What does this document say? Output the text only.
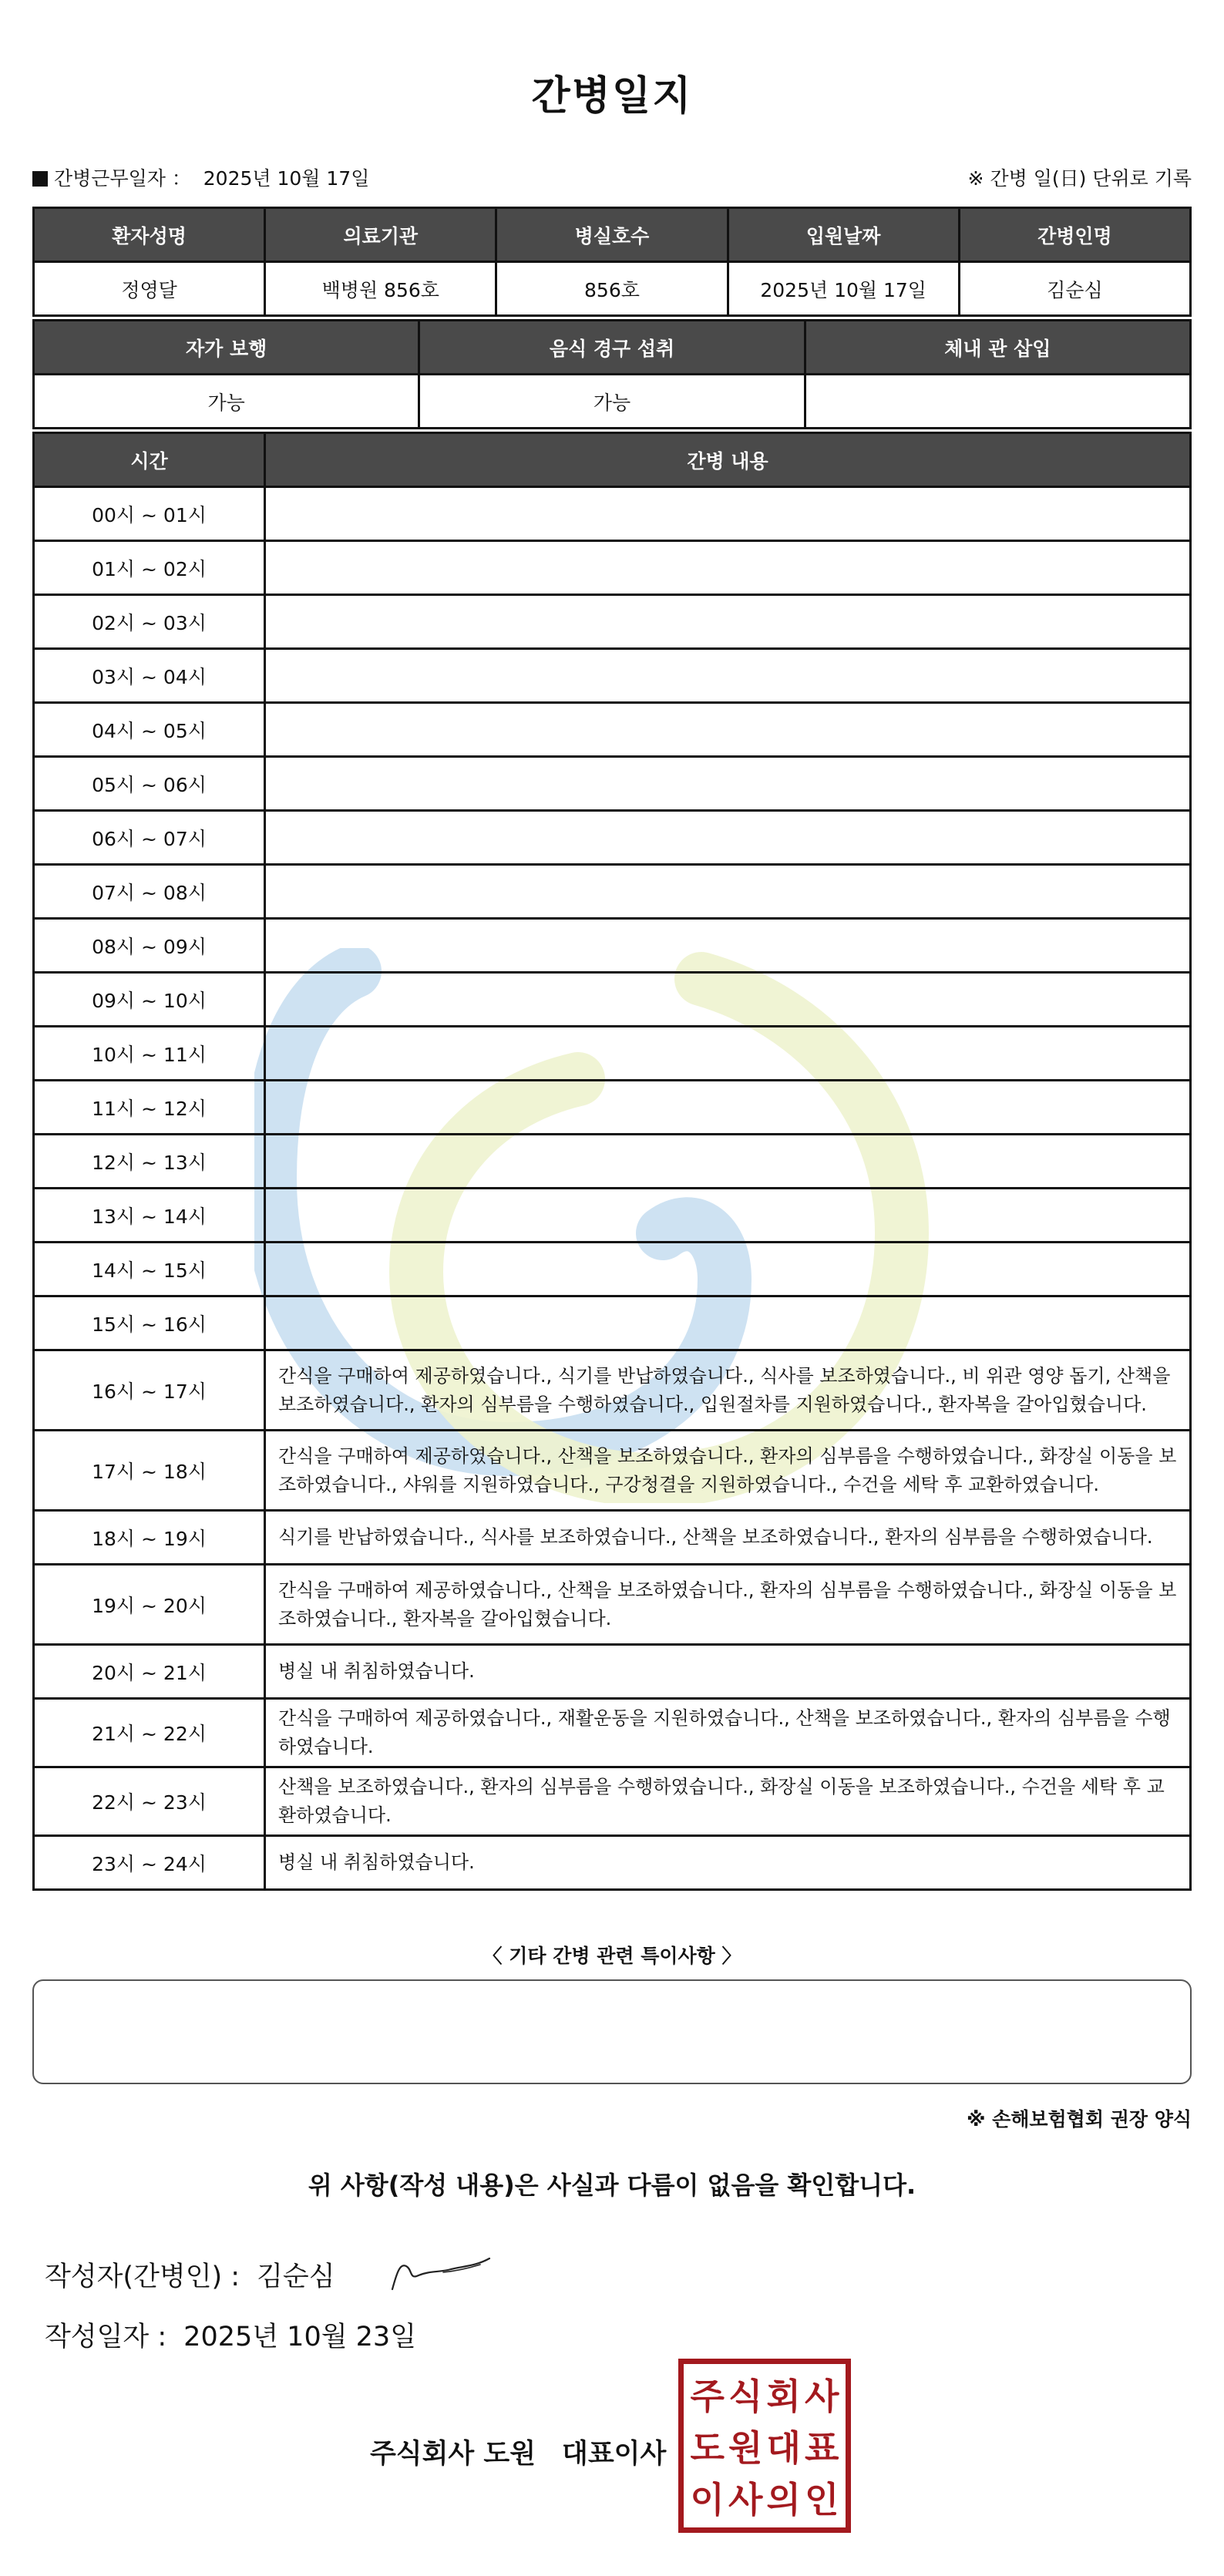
간병일지
간병근무일자 ： 2025년 10월 17일	※ 간병 일(日) 단위로 기록
환자성명	의료기관	병실호수	입원날짜	간병인명
정영달	백병원 856호	856호	2025년 10월 17일	김순심
자가 보행	음식 경구 섭취	체내 관 삽입
가능	가능	
시간	간병 내용
00시 ~ 01시	
01시 ~ 02시	
02시 ~ 03시	
03시 ~ 04시	
04시 ~ 05시	
05시 ~ 06시	
06시 ~ 07시	
07시 ~ 08시	
08시 ~ 09시	
09시 ~ 10시	
10시 ~ 11시	
11시 ~ 12시	
12시 ~ 13시	
13시 ~ 14시	
14시 ~ 15시	
15시 ~ 16시	
16시 ~ 17시	간식을 구매하여 제공하였습니다., 식기를 반납하였습니다., 식사를 보조하였습니다., 비 위관 영양 돕기, 산책을 보조하였습니다., 환자의 심부름을 수행하였습니다., 입원절차를 지원하였습니다., 환자복을 갈아입혔습니다.
17시 ~ 18시	간식을 구매하여 제공하였습니다., 산책을 보조하였습니다., 환자의 심부름을 수행하였습니다., 화장실 이동을 보조하였습니다., 샤워를 지원하였습니다., 구강청결을 지원하였습니다., 수건을 세탁 후 교환하였습니다.
18시 ~ 19시	식기를 반납하였습니다., 식사를 보조하였습니다., 산책을 보조하였습니다., 환자의 심부름을 수행하였습니다.
19시 ~ 20시	간식을 구매하여 제공하였습니다., 산책을 보조하였습니다., 환자의 심부름을 수행하였습니다., 화장실 이동을 보조하였습니다., 환자복을 갈아입혔습니다.
20시 ~ 21시	병실 내 취침하였습니다.
21시 ~ 22시	간식을 구매하여 제공하였습니다., 재활운동을 지원하였습니다., 산책을 보조하였습니다., 환자의 심부름을 수행하였습니다.
22시 ~ 23시	산책을 보조하였습니다., 환자의 심부름을 수행하였습니다., 화장실 이동을 보조하였습니다., 수건을 세탁 후 교환하였습니다.
23시 ~ 24시	병실 내 취침하였습니다.
〈 기타 간병 관련 특이사항 〉
※ 손해보험협회 권장 양식
위 사항(작성 내용)은 사실과 다름이 없음을 확인합니다.
작성자(간병인) : 김순심
작성일자 : 2025년 10월 23일
주식회사 도원 대표이사
주 식 회 사
도 원 대 표
이 사 의 인
